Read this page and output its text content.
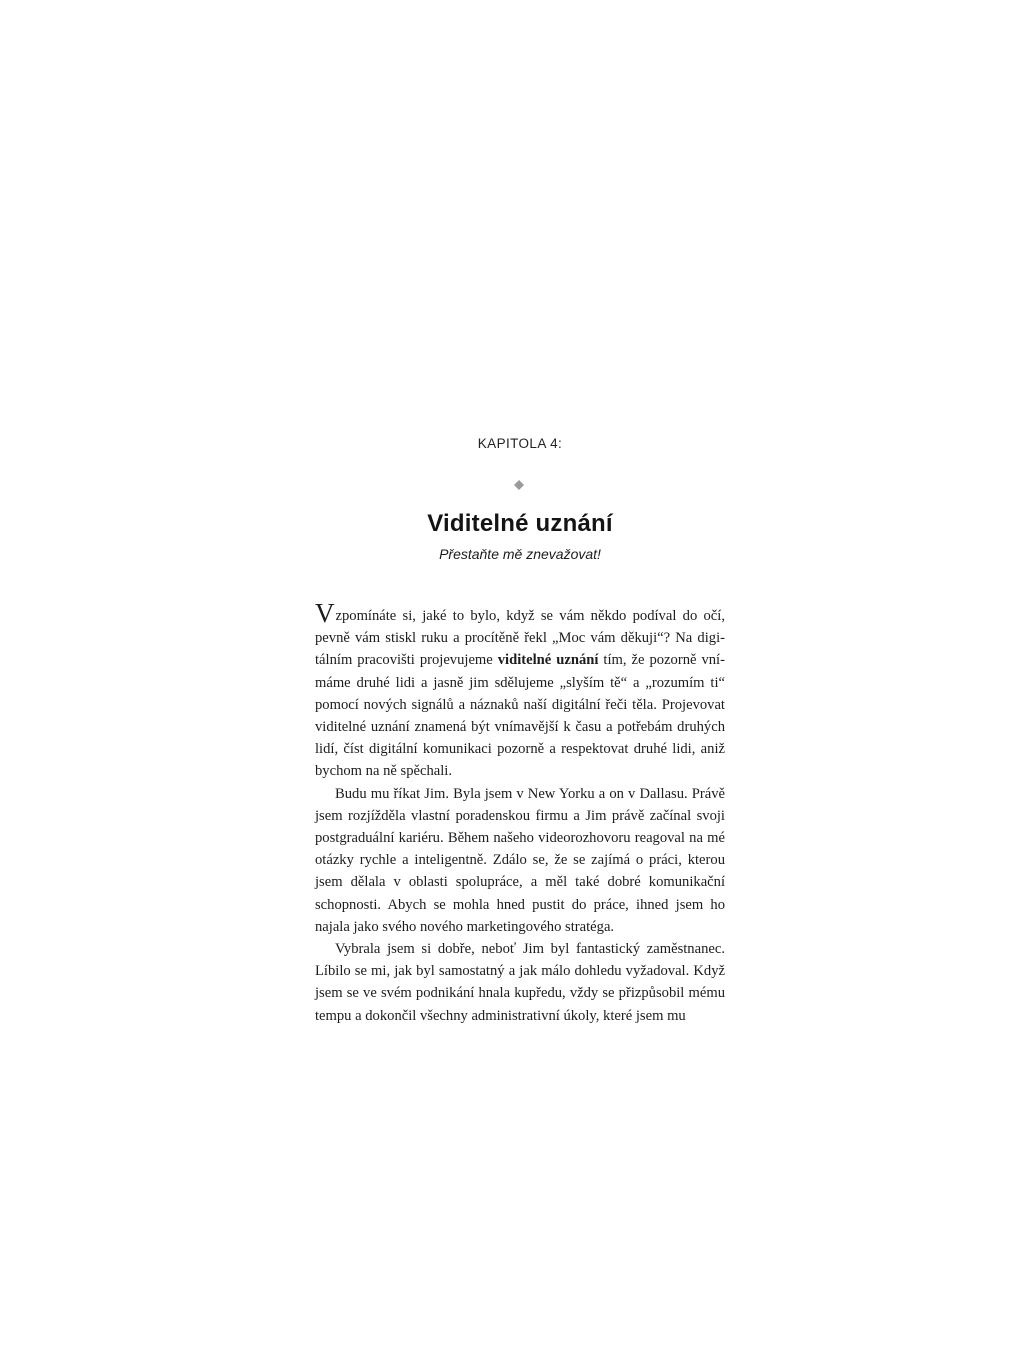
KAPITOLA 4:
Viditelné uznání
Přestaňte mě znevažovat!

Vzpomínáte si, jaké to bylo, když se vám někdo podíval do očí, pevně vám stiskl ruku a procítěně řekl „Moc vám děkuji“? Na digitálním pracovišti projevujeme viditelné uznání tím, že pozorně vnímáme druhé lidi a jasně jim sdělujeme „slyším tě“ a „rozumím ti“ pomocí nových signálů a náznaků naší digitální řeči těla. Projevovat viditelné uznání znamená být vnímavější k času a potřebám druhých lidí, číst digitální komunikaci pozorně a respektovat druhé lidi, aniž bychom na ně spěchali.

Budu mu říkat Jim. Byla jsem v New Yorku a on v Dallasu. Právě jsem rozjížděla vlastní poradenskou firmu a Jim právě začínal svoji postgraduální kariéru. Během našeho videorozhovoru reagoval na mé otázky rychle a inteligentně. Zdálo se, že se zajímá o práci, kterou jsem dělala v oblasti spolupráce, a měl také dobré komunikační schopnosti. Abych se mohla hned pustit do práce, ihned jsem ho najala jako svého nového marketingového stratéga.

Vybrala jsem si dobře, neboť Jim byl fantastický zaměstnanec. Líbilo se mi, jak byl samostatný a jak málo dohledu vyžadoval. Když jsem se ve svém podnikání hnala kupředu, vždy se přizpůsobil mému tempu a dokončil všechny administrativní úkoly, které jsem mu
